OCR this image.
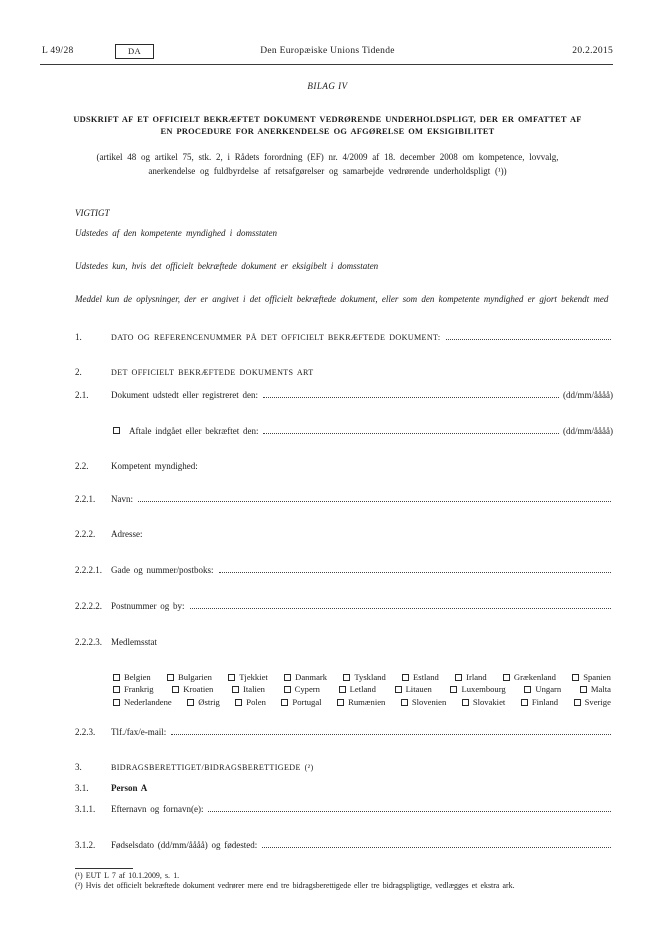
L 49/28	DA	Den Europæiske Unions Tidende	20.2.2015
BILAG IV
UDSKRIFT AF ET OFFICIELT BEKRÆFTET DOKUMENT VEDRØRENDE UNDERHOLDSPLIGT, DER ER OMFATTET AF EN PROCEDURE FOR ANERKENDELSE OG AFGØRELSE OM EKSIGIBILITET
(artikel 48 og artikel 75, stk. 2, i Rådets forordning (EF) nr. 4/2009 af 18. december 2008 om kompetence, lovvalg, anerkendelse og fuldbyrdelse af retsafgørelser og samarbejde vedrørende underholdspligt (¹))
VIGTIGT
Udstedes af den kompetente myndighed i domsstaten
Udstedes kun, hvis det officielt bekræftede dokument er eksigibelt i domsstaten
Meddel kun de oplysninger, der er angivet i det officielt bekræftede dokument, eller som den kompetente myndighed er gjort bekendt med
1.	DATO OG REFERENCENUMMER PÅ DET OFFICIELT BEKRÆFTEDE DOKUMENT:
2.	DET OFFICIELT BEKRÆFTEDE DOKUMENTS ART
2.1.	Dokument udstedt eller registreret den:	(dd/mm/åååå)
Aftale indgået eller bekræftet den:	(dd/mm/åååå)
2.2.	Kompetent myndighed:
2.2.1.	Navn:
2.2.2.	Adresse:
2.2.2.1.	Gade og nummer/postboks:
2.2.2.2.	Postnummer og by:
2.2.2.3.	Medlemsstat
Belgien	Bulgarien	Tjekkiet	Danmark	Tyskland	Estland	Irland	Grækenland	Spanien
Frankrig	Kroatien	Italien	Cypern	Letland	Litauen	Luxembourg	Ungarn	Malta
Nederlandene	Østrig	Polen	Portugal	Rumænien	Slovenien	Slovakiet	Finland	Sverige
2.2.3.	Tlf./fax/e-mail:
3.	BIDRAGSBERETTIGET/BIDRAGSBERETTIGEDE (²)
3.1.	Person A
3.1.1.	Efternavn og fornavn(e):
3.1.2.	Fødselsdato (dd/mm/åååå) og fødested:
(¹) EUT L 7 af 10.1.2009, s. 1.
(²) Hvis det officielt bekræftede dokument vedrører mere end tre bidragsberettigede eller tre bidragspligtige, vedlægges et ekstra ark.
